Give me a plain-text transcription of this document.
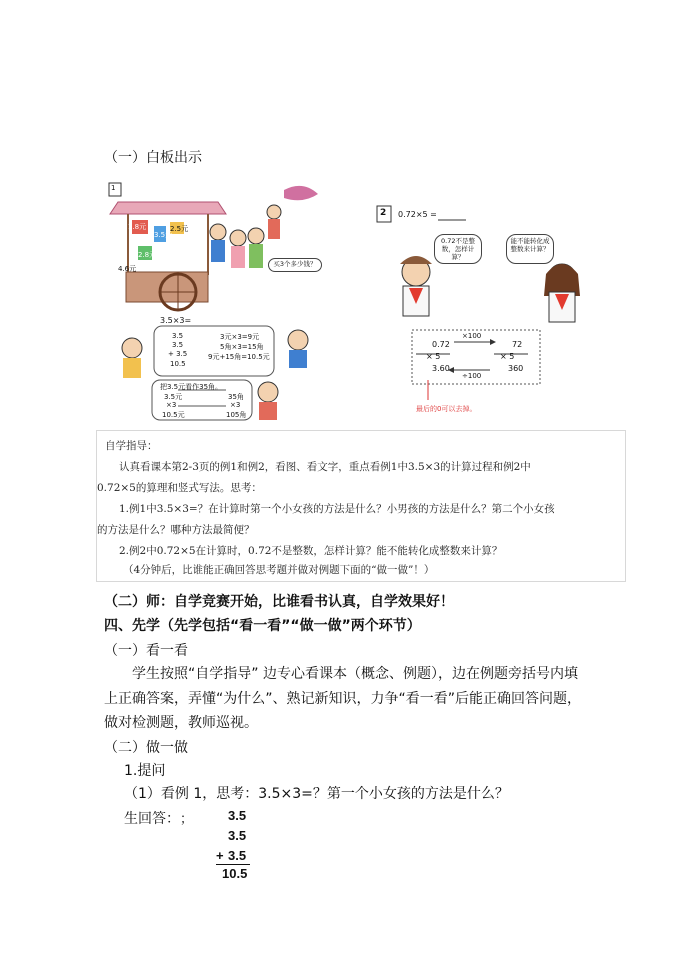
（一）白板出示
1
1.8元
3.5元
2.5元
2.8元
4.6元
买3个多少钱？
3.5×3=
3.5
3.5
+ 3.5
10.5
3元×3=9元
5角×3=15角
9元+15角=10.5元
把3.5元看作35角。
3.5元
×3
10.5元
35角
×3
105角
2 0.72×5 =
0.72不是整数，怎样计算？
能不能转化成整数来计算？
0.72
× 5
3.60
72
× 5
360
×100
÷100
最后的0可以去掉。
自学指导：
认真看课本第2-3页的例1和例2，看图、看文字，重点看例1中3.5×3的计算过程和例2中
0.72×5的算理和竖式写法。思考：
1.例1中3.5×3=？在计算时第一个小女孩的方法是什么？小男孩的方法是什么？第二个小女孩
的方法是什么？哪种方法最简便？
2.例2中0.72×5在计算时，0.72不是整数，怎样计算？能不能转化成整数来计算？
（4分钟后，比谁能正确回答思考题并做对例题下面的“做一做”！）
（二）师：自学竞赛开始，比谁看书认真，自学效果好！
四、先学（先学包括“看一看”“做一做”两个环节）
（一）看一看
学生按照“自学指导” 边专心看课本（概念、例题），边在例题旁括号内填
上正确答案，弄懂“为什么”、熟记新知识，力争“看一看”后能正确回答问题，
做对检测题，教师巡视。
（二）做一做
1.提问
（1）看例 1，思考：3.5×3=？第一个小女孩的方法是什么？
生回答： ；	3.5
3.5
+ 3.5
10.5
